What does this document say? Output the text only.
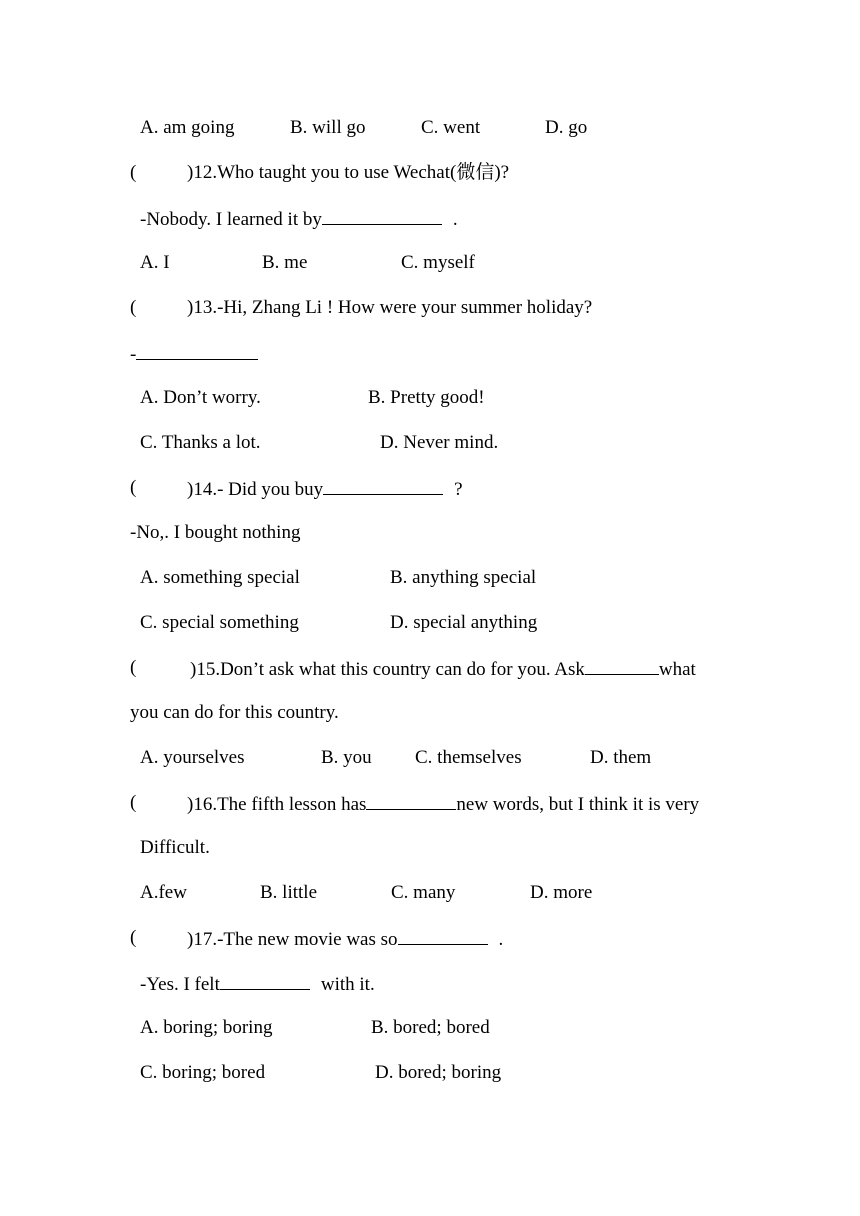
A. am going	B. will go	C. went	D. go
(	)12.Who taught you to use Wechat(微信)?
-Nobody. I learned it by	.
A. I	B. me	C. myself
(	)13.-Hi, Zhang Li ! How were your summer holiday?
-
A. Don’t worry.	B. Pretty good!
C. Thanks a lot.	D. Never mind.
(	)14.- Did you buy	?
-No,. I bought nothing
A. something special	B. anything special
C. special something	D. special anything
(	)15.Don’t ask what this country can do for you. Ask	what
you can do for this country.
A. yourselves	B. you C. themselves	D. them
(	)16.The fifth lesson has	new words, but I think it is very
Difficult.
A.few	B. little	C. many	D. more
(	)17.-The new movie was so	.
-Yes. I felt	with it.
A. boring; boring	B. bored; bored
C. boring; bored	D. bored; boring
